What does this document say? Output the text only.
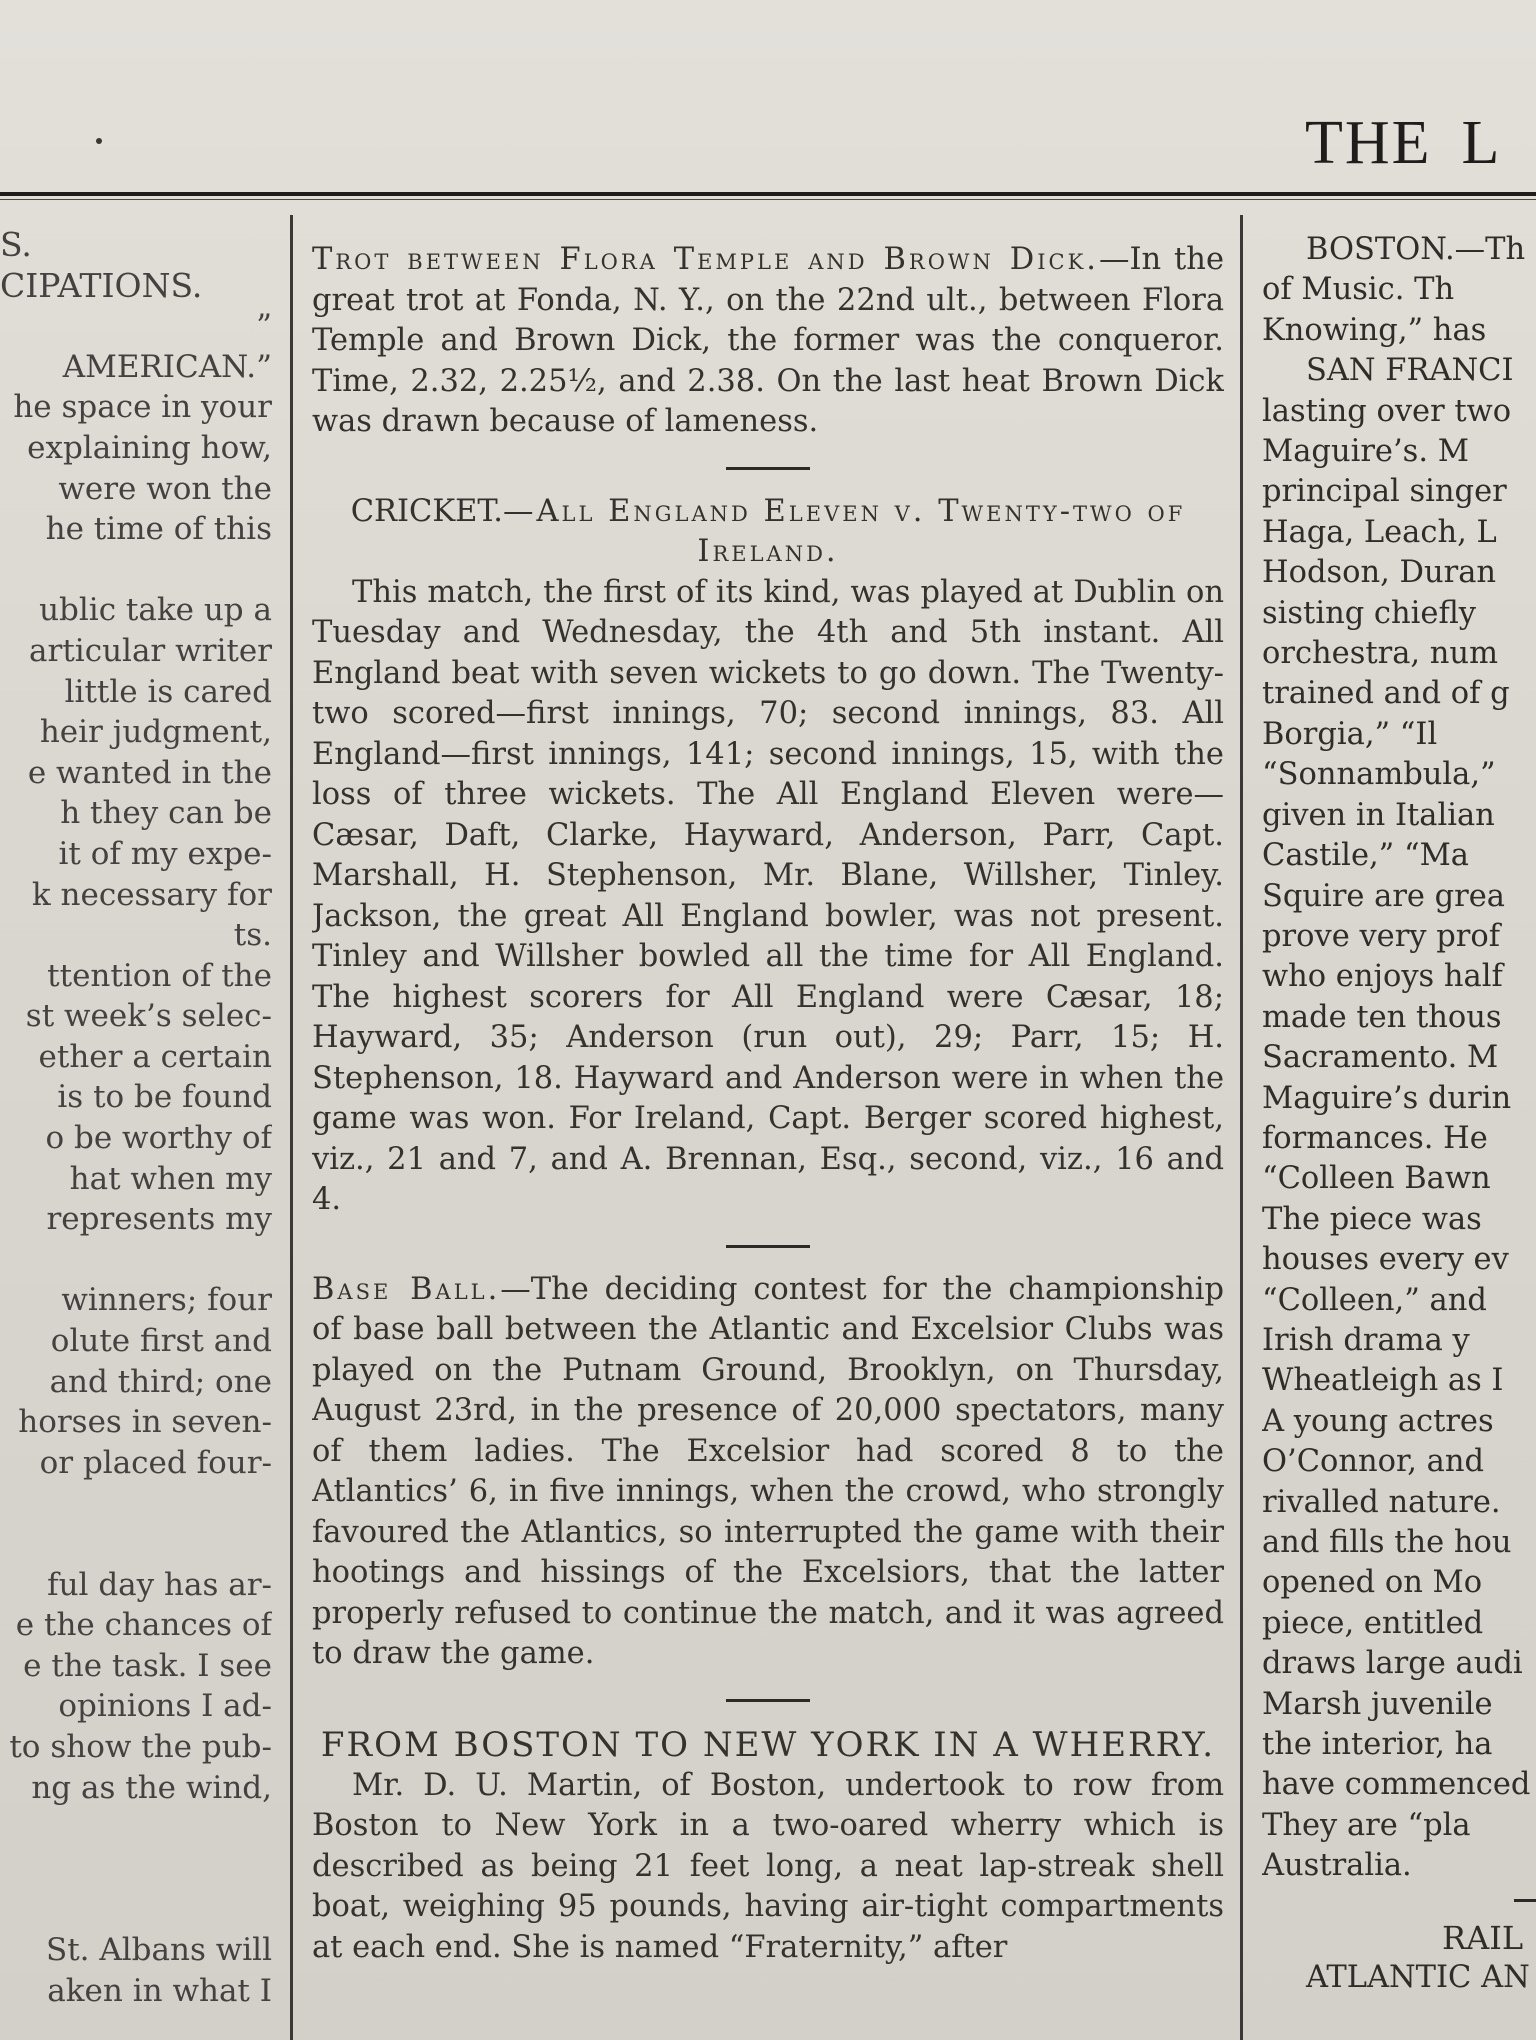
THE L
S.
CIPATIONS.
”
AMERICAN.”
he space in your
explaining how,
were won the
he time of this

ublic take up a
articular writer
little is cared
heir judgment,
e wanted in the
h they can be
it of my expe-
k necessary for
ts.
ttention of the
st week’s selec-
ether a certain
is to be found
o be worthy of
hat when my
represents my

winners; four
olute first and
and third; one
horses in seven-
or placed four-

ful day has ar-
e the chances of
e the task. I see
opinions I ad-
to show the pub-
ng as the wind,

St. Albans will
aken in what I

Trot between Flora Temple and Brown Dick.—In the great trot at Fonda, N. Y., on the 22nd ult., between Flora Temple and Brown Dick, the former was the conqueror. Time, 2.32, 2.25½, and 2.38. On the last heat Brown Dick was drawn because of lameness.

CRICKET.—All England Eleven v. Twenty-two of Ireland.

This match, the first of its kind, was played at Dublin on Tuesday and Wednesday, the 4th and 5th instant. All England beat with seven wickets to go down. The Twenty-two scored—first innings, 70; second innings, 83. All England—first innings, 141; second innings, 15, with the loss of three wickets. The All England Eleven were—Cæsar, Daft, Clarke, Hayward, Anderson, Parr, Capt. Marshall, H. Stephenson, Mr. Blane, Willsher, Tinley. Jackson, the great All England bowler, was not present. Tinley and Willsher bowled all the time for All England. The highest scorers for All England were Cæsar, 18; Hayward, 35; Anderson (run out), 29; Parr, 15; H. Stephenson, 18. Hayward and Anderson were in when the game was won. For Ireland, Capt. Berger scored highest, viz., 21 and 7, and A. Brennan, Esq., second, viz., 16 and 4.

Base Ball.—The deciding contest for the championship of base ball between the Atlantic and Excelsior Clubs was played on the Putnam Ground, Brooklyn, on Thursday, August 23rd, in the presence of 20,000 spectators, many of them ladies. The Excelsior had scored 8 to the Atlantics’ 6, in five innings, when the crowd, who strongly favoured the Atlantics, so interrupted the game with their hootings and hissings of the Excelsiors, that the latter properly refused to continue the match, and it was agreed to draw the game.

FROM BOSTON TO NEW YORK IN A WHERRY.

Mr. D. U. Martin, of Boston, undertook to row from Boston to New York in a two-oared wherry which is described as being 21 feet long, a neat lap-streak shell boat, weighing 95 pounds, having air-tight compartments at each end. She is named “Fraternity,” after

BOSTON.—Th
of Music. Th
Knowing,” has
SAN FRANCI
lasting over two
Maguire’s. M
principal singer
Haga, Leach, L
Hodson, Duran
sisting chiefly
orchestra, num
trained and of g
Borgia,” “Il
“Sonnambula,”
given in Italian
Castile,” “Ma
Squire are grea
prove very prof
who enjoys half
made ten thous
Sacramento. M
Maguire’s durin
formances. He
“Colleen Bawn
The piece was
houses every ev
“Colleen,” and
Irish drama y
Wheatleigh as I
A young actres
O’Connor, and
rivalled nature.
and fills the hou
opened on Mo
piece, entitled
draws large audi
Marsh juvenile
the interior, ha
have commenced
They are “pla
Australia.
RAIL
ATLANTIC AN
